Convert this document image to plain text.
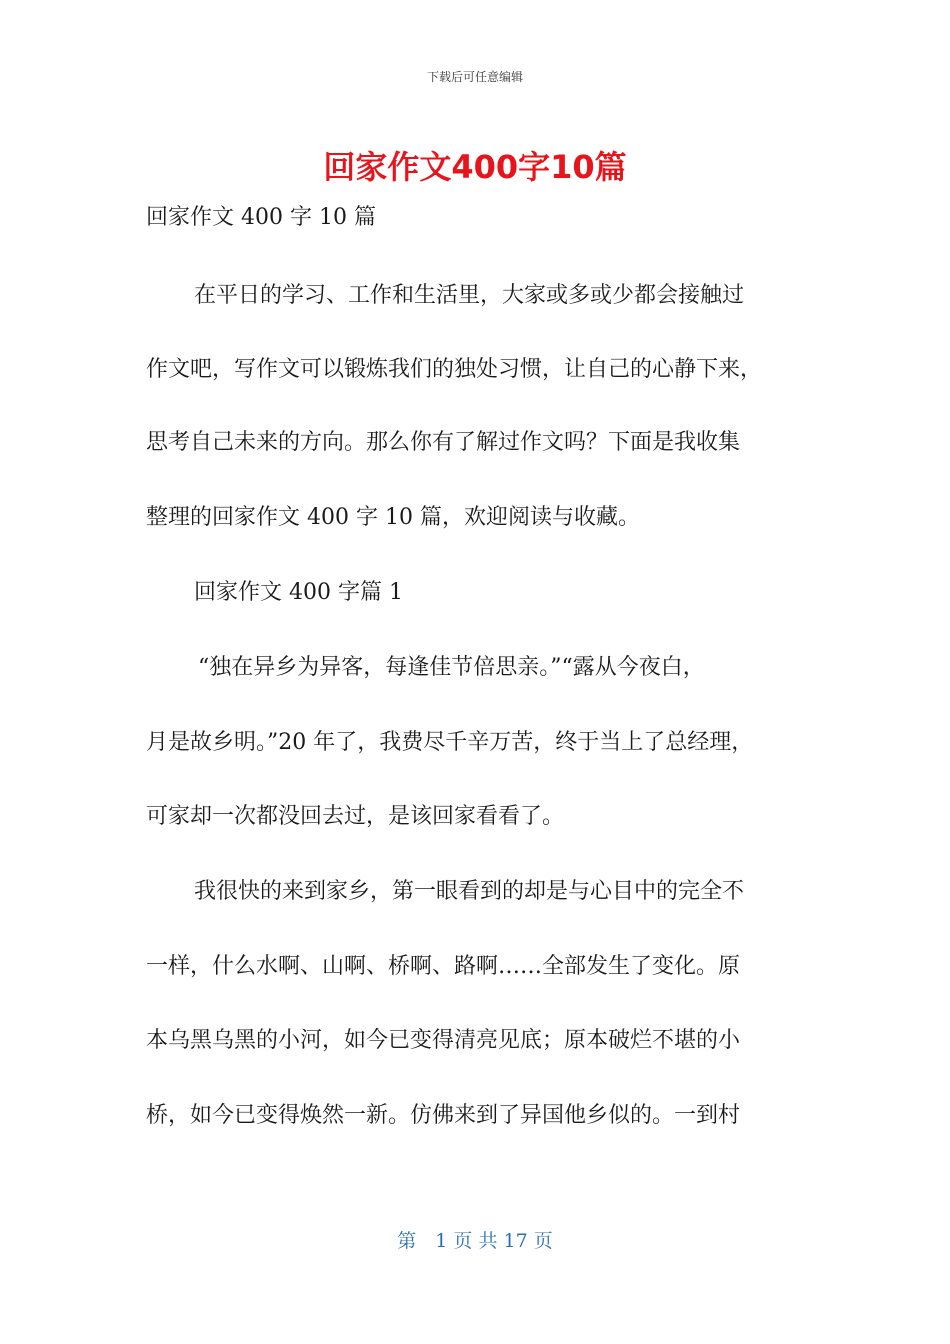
下载后可任意编辑
回家作文400字10篇
回家作文 400 字 10 篇
在平日的学习、工作和生活里，大家或多或少都会接触过
作文吧，写作文可以锻炼我们的独处习惯，让自己的心静下来，
思考自己未来的方向。那么你有了解过作文吗？下面是我收集
整理的回家作文 400 字 10 篇，欢迎阅读与收藏。
回家作文 400 字篇 1
“独在异乡为异客，每逢佳节倍思亲。”“露从今夜白，
月是故乡明。”20 年了，我费尽千辛万苦，终于当上了总经理，
可家却一次都没回去过，是该回家看看了。
我很快的来到家乡，第一眼看到的却是与心目中的完全不
一样，什么水啊、山啊、桥啊、路啊……全部发生了变化。原
本乌黑乌黑的小河，如今已变得清亮见底；原本破烂不堪的小
桥，如今已变得焕然一新。仿佛来到了异国他乡似的。一到村
第　1 页 共 17 页
